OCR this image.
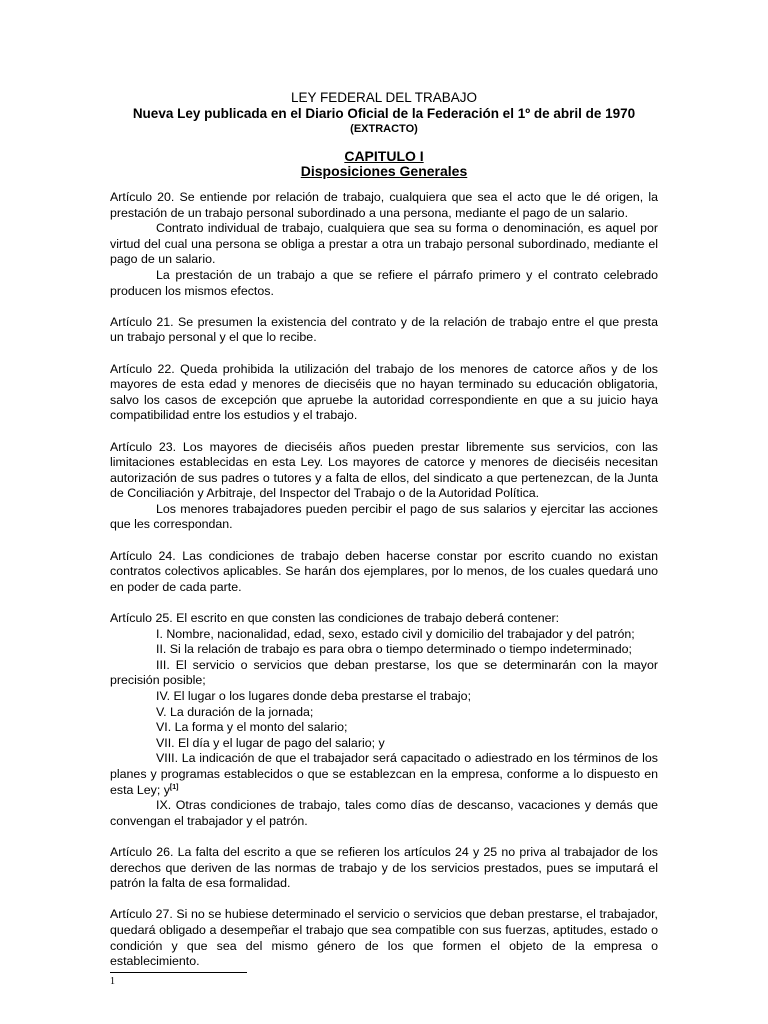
LEY FEDERAL DEL TRABAJO
Nueva Ley publicada en el Diario Oficial de la Federación el 1º de abril de 1970
(EXTRACTO)
CAPITULO I
Disposiciones Generales

Artículo 20. Se entiende por relación de trabajo, cualquiera que sea el acto que le dé origen, la prestación de un trabajo personal subordinado a una persona, mediante el pago de un salario.

Contrato individual de trabajo, cualquiera que sea su forma o denominación, es aquel por virtud del cual una persona se obliga a prestar a otra un trabajo personal subordinado, mediante el pago de un salario.

La prestación de un trabajo a que se refiere el párrafo primero y el contrato celebrado producen los mismos efectos.

Artículo 21. Se presumen la existencia del contrato y de la relación de trabajo entre el que presta un trabajo personal y el que lo recibe.

Artículo 22. Queda prohibida la utilización del trabajo de los menores de catorce años y de los mayores de esta edad y menores de dieciséis que no hayan terminado su educación obligatoria, salvo los casos de excepción que apruebe la autoridad correspondiente en que a su juicio haya compatibilidad entre los estudios y el trabajo.

Artículo 23. Los mayores de dieciséis años pueden prestar libremente sus servicios, con las limitaciones establecidas en esta Ley. Los mayores de catorce y menores de dieciséis necesitan autorización de sus padres o tutores y a falta de ellos, del sindicato a que pertenezcan, de la Junta de Conciliación y Arbitraje, del Inspector del Trabajo o de la Autoridad Política.

Los menores trabajadores pueden percibir el pago de sus salarios y ejercitar las acciones que les correspondan.

Artículo 24. Las condiciones de trabajo deben hacerse constar por escrito cuando no existan contratos colectivos aplicables. Se harán dos ejemplares, por lo menos, de los cuales quedará uno en poder de cada parte.

Artículo 25. El escrito en que consten las condiciones de trabajo deberá contener:

I. Nombre, nacionalidad, edad, sexo, estado civil y domicilio del trabajador y del patrón;

II. Si la relación de trabajo es para obra o tiempo determinado o tiempo indeterminado;

III. El servicio o servicios que deban prestarse, los que se determinarán con la mayor precisión posible;

IV. El lugar o los lugares donde deba prestarse el trabajo;

V. La duración de la jornada;

VI. La forma y el monto del salario;

VII. El día y el lugar de pago del salario; y

VIII. La indicación de que el trabajador será capacitado o adiestrado en los términos de los planes y programas establecidos o que se establezcan en la empresa, conforme a lo dispuesto en esta Ley; y[1]

IX. Otras condiciones de trabajo, tales como días de descanso, vacaciones y demás que convengan el trabajador y el patrón.

Artículo 26. La falta del escrito a que se refieren los artículos 24 y 25 no priva al trabajador de los derechos que deriven de las normas de trabajo y de los servicios prestados, pues se imputará el patrón la falta de esa formalidad.

Artículo 27. Si no se hubiese determinado el servicio o servicios que deban prestarse, el trabajador, quedará obligado a desempeñar el trabajo que sea compatible con sus fuerzas, aptitudes, estado o condición y que sea del mismo género de los que formen el objeto de la empresa o establecimiento.

1
